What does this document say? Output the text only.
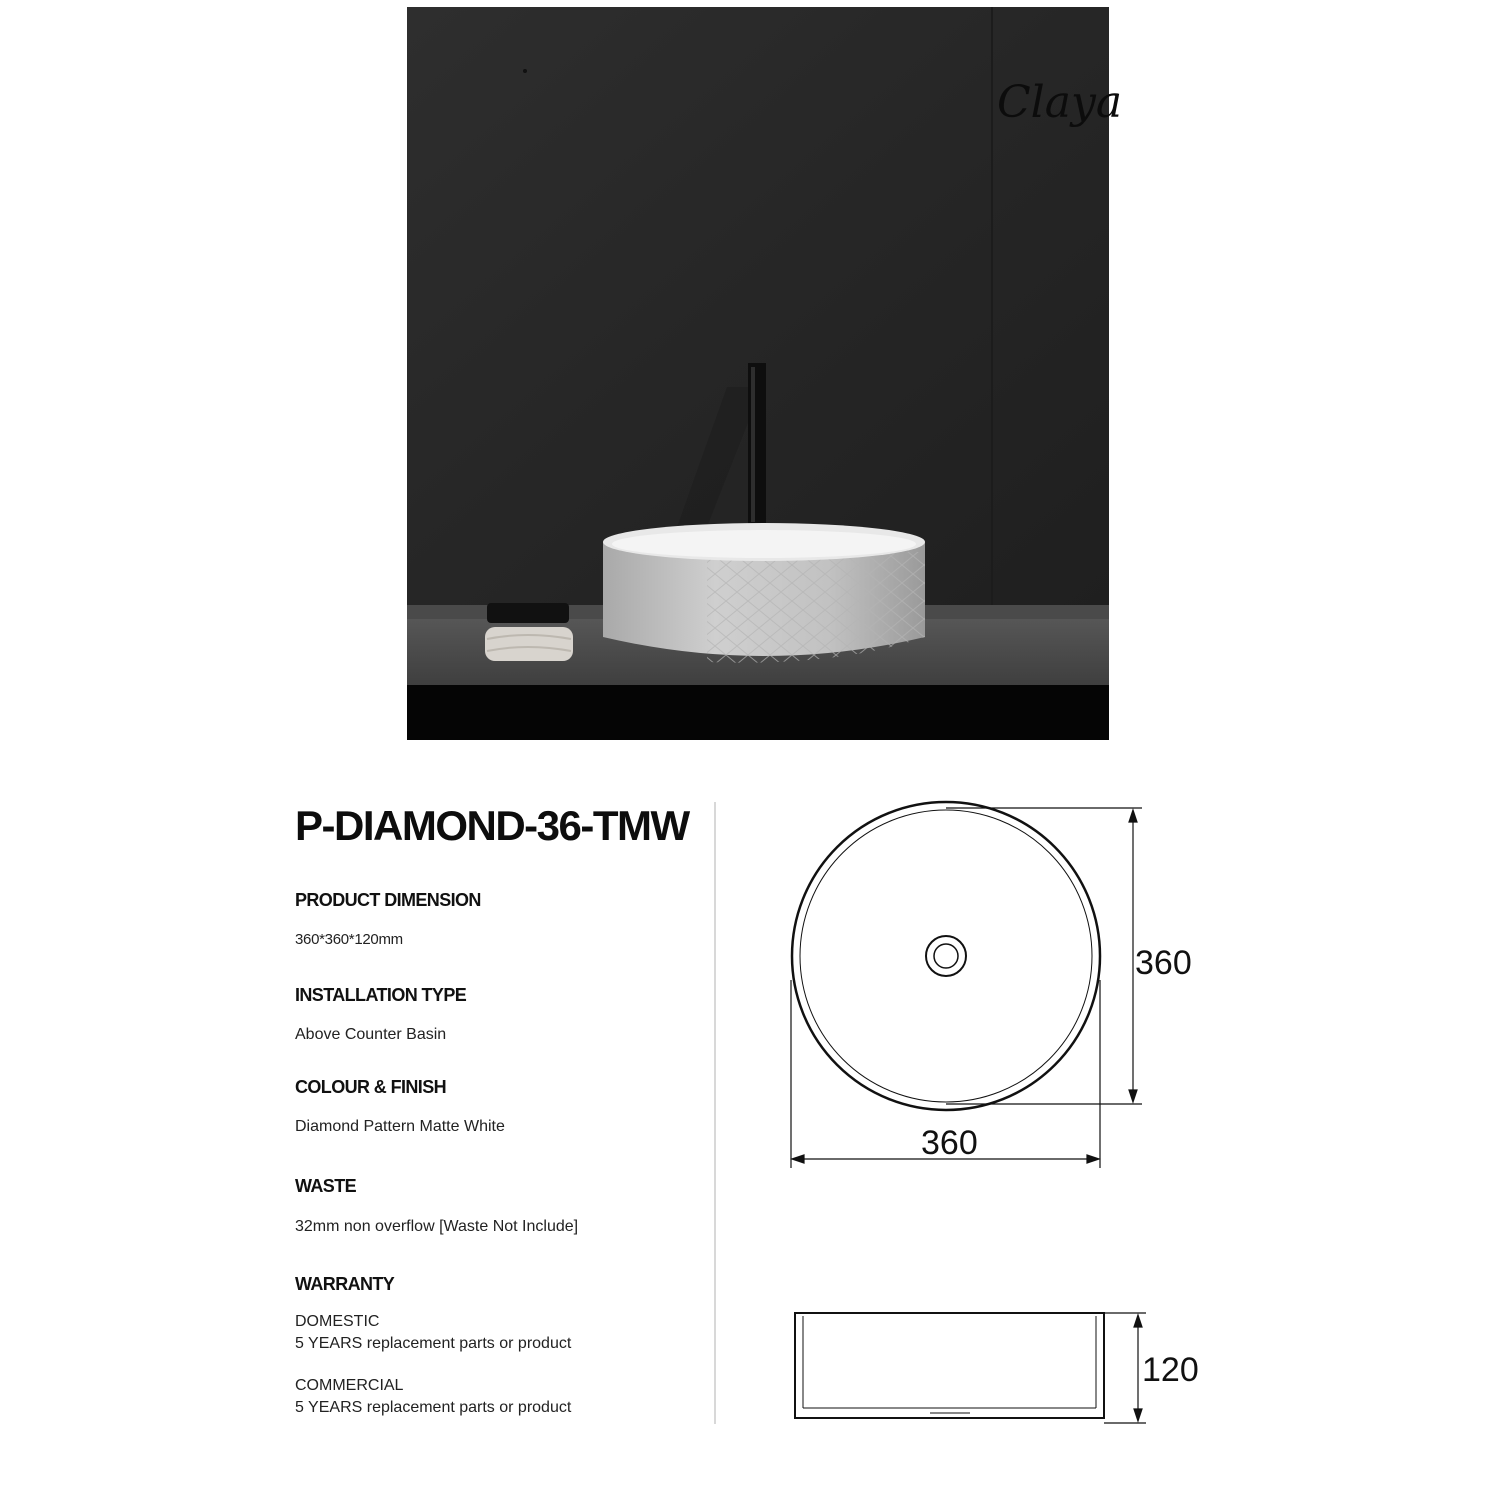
Claya
P-DIAMOND-36-TMW
PRODUCT DIMENSION
360*360*120mm
INSTALLATION TYPE
Above Counter Basin
COLOUR & FINISH
Diamond Pattern Matte White
WASTE
32mm non overflow [Waste Not Include]
WARRANTY
DOMESTIC
5 YEARS replacement parts or product
COMMERCIAL
5 YEARS replacement parts or product
360
360
120
